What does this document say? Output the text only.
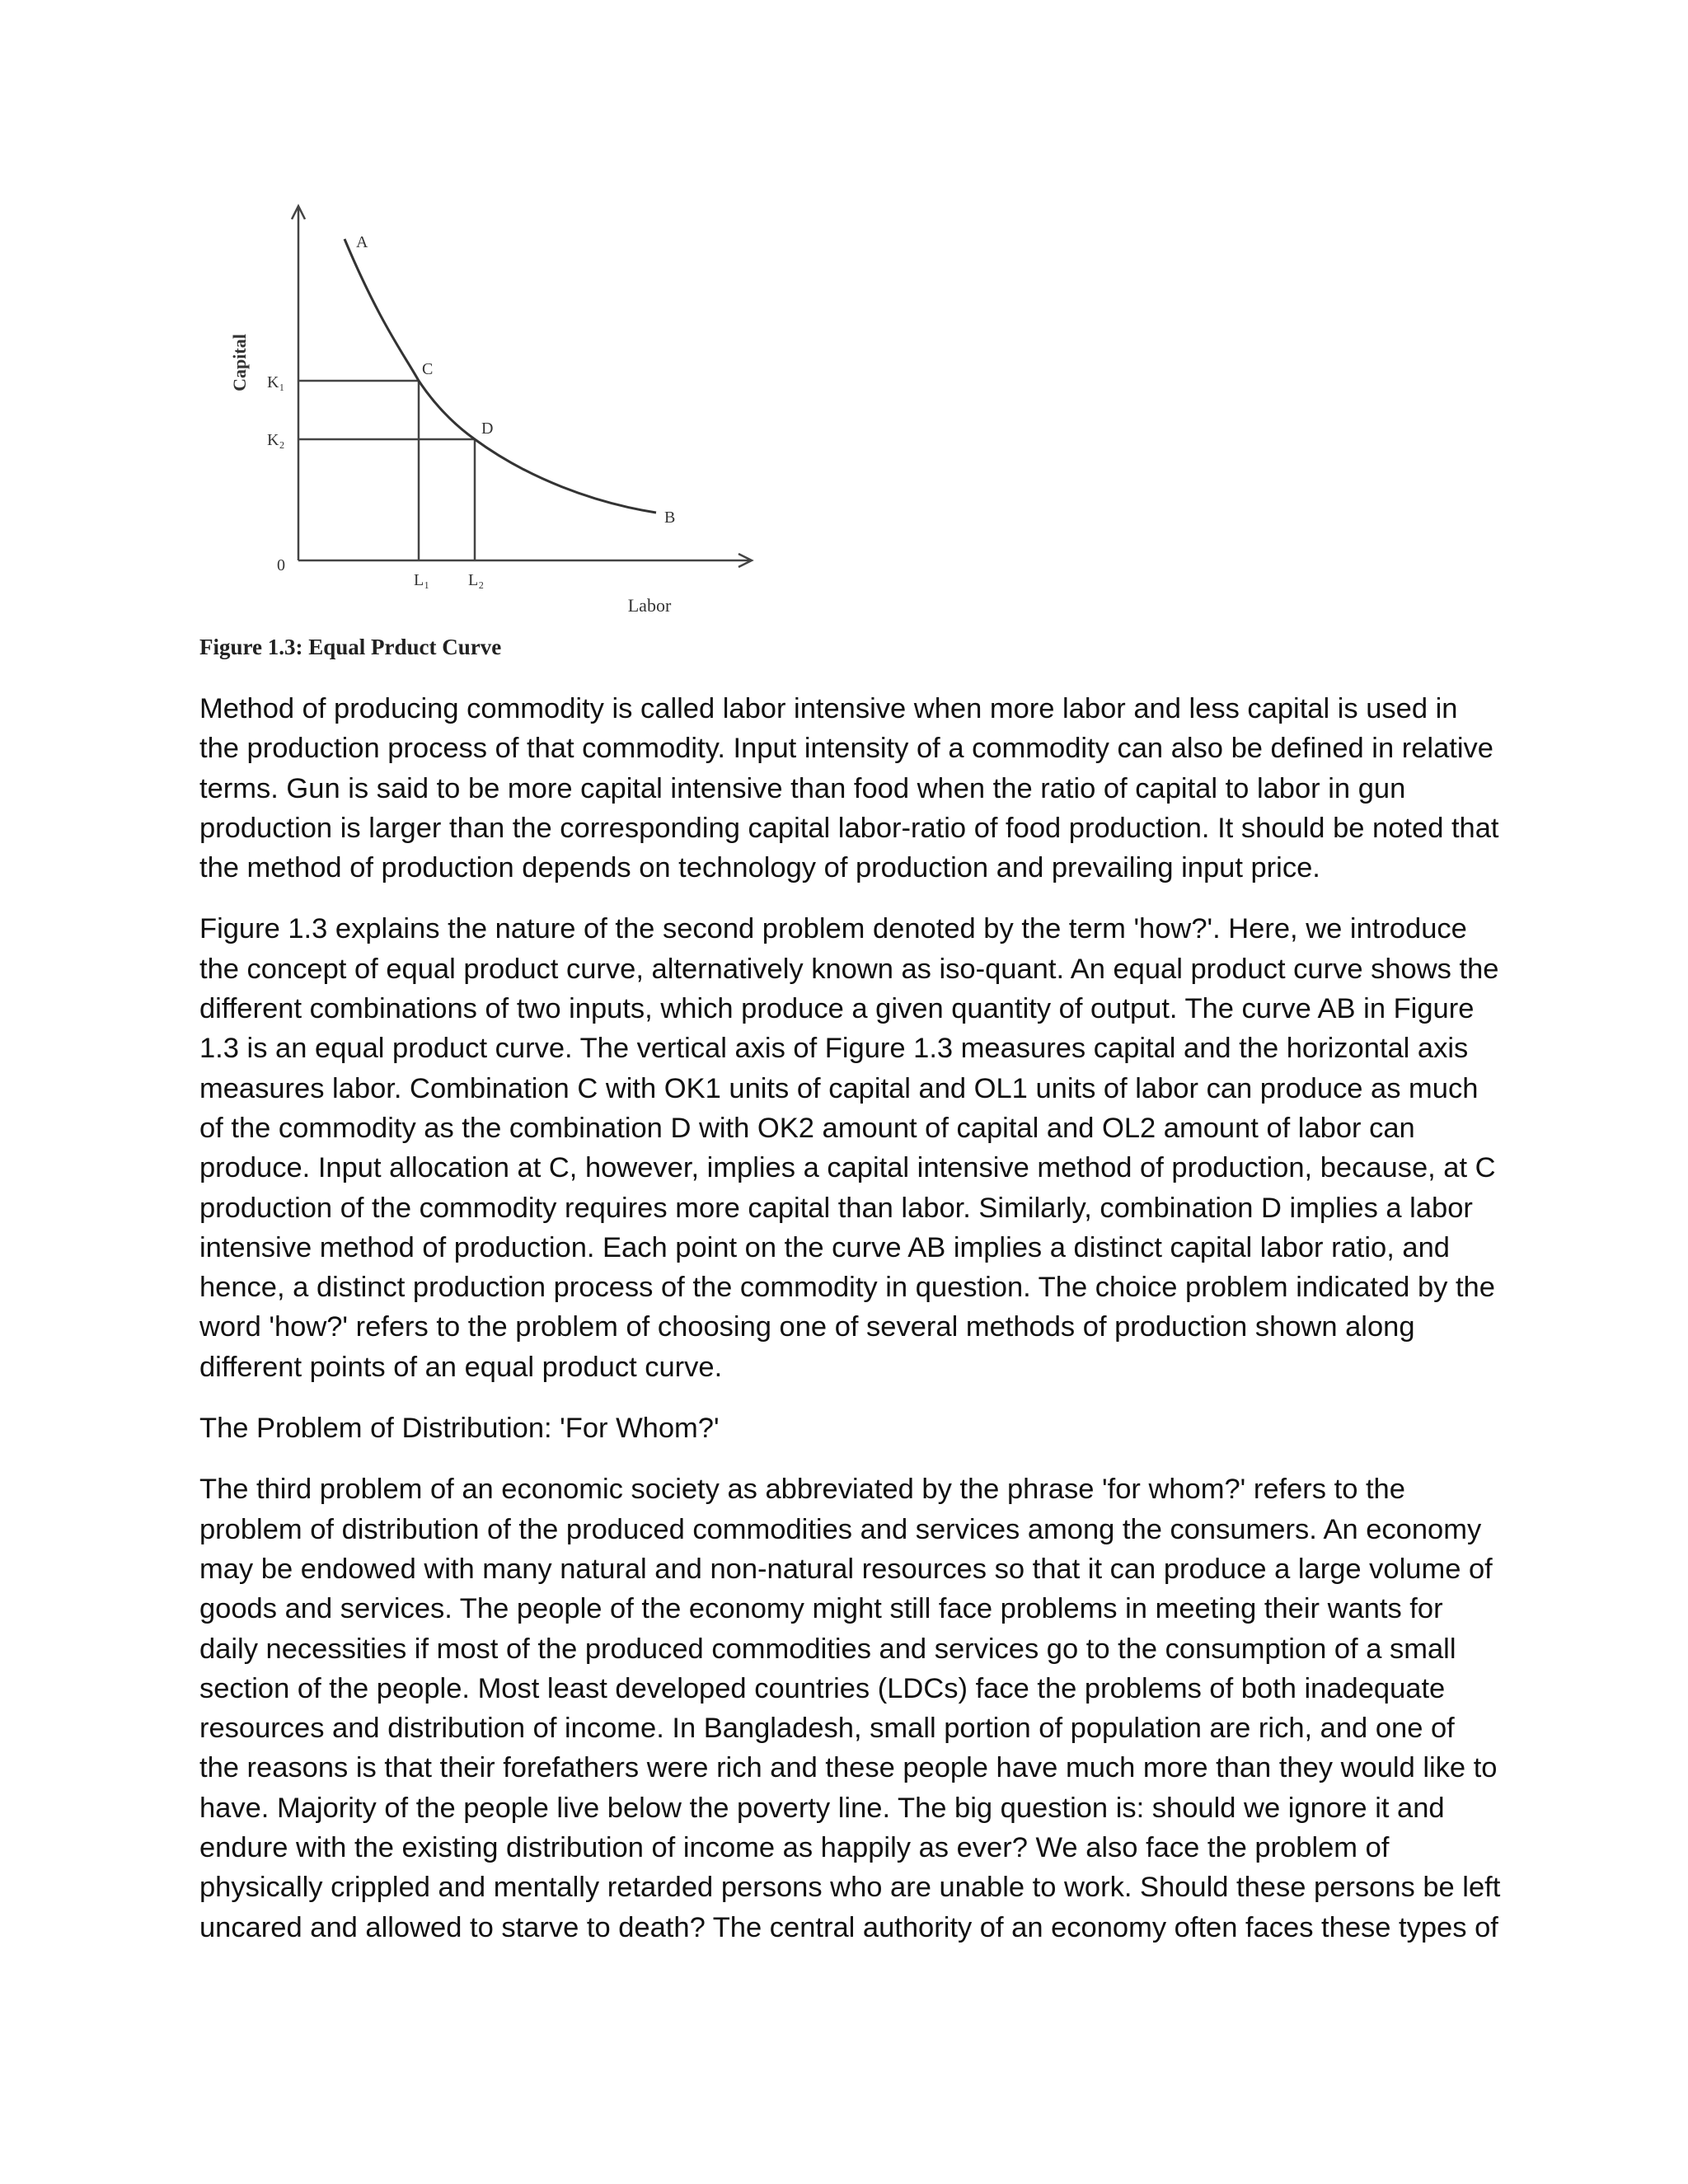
Capital
Labor
0
K₁
K₂
L₁ L₂
A
C
D
B
Figure 1.3: Equal Prduct Curve

Method of producing commodity is called labor intensive when more labor and less capital is used in the production process of that commodity. Input intensity of a commodity can also be defined in relative terms. Gun is said to be more capital intensive than food when the ratio of capital to labor in gun production is larger than the corresponding capital labor-ratio of food production. It should be noted that the method of production depends on technology of production and prevailing input price.

Figure 1.3 explains the nature of the second problem denoted by the term 'how?'. Here, we introduce the concept of equal product curve, alternatively known as iso-quant. An equal product curve shows the different combinations of two inputs, which produce a given quantity of output. The curve AB in Figure 1.3 is an equal product curve. The vertical axis of Figure 1.3 measures capital and the horizontal axis measures labor. Combination C with OK1 units of capital and OL1 units of labor can produce as much of the commodity as the combination D with OK2 amount of capital and OL2 amount of labor can produce. Input allocation at C, however, implies a capital intensive method of production, because, at C production of the commodity requires more capital than labor. Similarly, combination D implies a labor intensive method of production. Each point on the curve AB implies a distinct capital labor ratio, and hence, a distinct production process of the commodity in question. The choice problem indicated by the word 'how?' refers to the problem of choosing one of several methods of production shown along different points of an equal product curve.

The Problem of Distribution: 'For Whom?'

The third problem of an economic society as abbreviated by the phrase 'for whom?' refers to the problem of distribution of the produced commodities and services among the consumers. An economy may be endowed with many natural and non-natural resources so that it can produce a large volume of goods and services. The people of the economy might still face problems in meeting their wants for daily necessities if most of the produced commodities and services go to the consumption of a small section of the people. Most least developed countries (LDCs) face the problems of both inadequate resources and distribution of income. In Bangladesh, small portion of population are rich, and one of the reasons is that their forefathers were rich and these people have much more than they would like to have. Majority of the people live below the poverty line. The big question is: should we ignore it and endure with the existing distribution of income as happily as ever? We also face the problem of physically crippled and mentally retarded persons who are unable to work. Should these persons be left uncared and allowed to starve to death? The central authority of an economy often faces these types of
